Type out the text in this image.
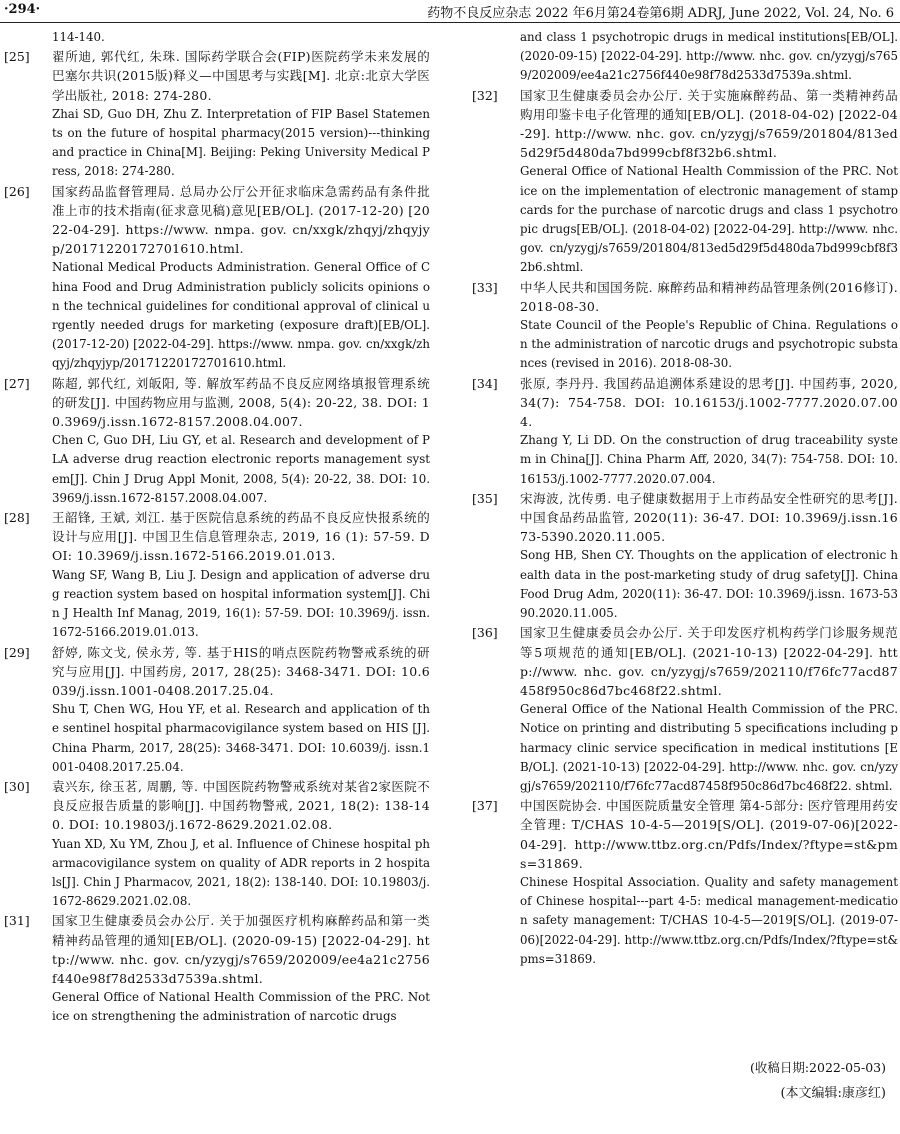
·294·	药物不良反应杂志 2022 年6月第24卷第6期 ADRJ, June 2022, Vol. 24, No. 6

114-140.

[25] 翟所迪, 郭代红, 朱珠. 国际药学联合会(FIP)医院药学未来发展的巴塞尔共识(2015版)释义—中国思考与实践[M]. 北京:北京大学医学出版社, 2018: 274-280.

Zhai SD, Guo DH, Zhu Z. Interpretation of FIP Basel Statements on the future of hospital pharmacy(2015 version)---thinking and practice in China[M]. Beijing: Peking University Medical Press, 2018: 274-280.

[26] 国家药品监督管理局. 总局办公厅公开征求临床急需药品有条件批准上市的技术指南(征求意见稿)意见[EB/OL]. (2017-12-20) [2022-04-29]. https://www. nmpa. gov. cn/xxgk/zhqyj/zhqyjyp/20171220172701610.html.

National Medical Products Administration. General Office of China Food and Drug Administration publicly solicits opinions on the technical guidelines for conditional approval of clinical urgently needed drugs for marketing (exposure draft)[EB/OL]. (2017-12-20) [2022-04-29]. https://www. nmpa. gov. cn/xxgk/zhqyj/zhqyjyp/20171220172701610.html.

[27] 陈超, 郭代红, 刘皈阳, 等. 解放军药品不良反应网络填报管理系统的研发[J]. 中国药物应用与监测, 2008, 5(4): 20-22, 38. DOI: 10.3969/j.issn.1672-8157.2008.04.007.

Chen C, Guo DH, Liu GY, et al. Research and development of PLA adverse drug reaction electronic reports management system[J]. Chin J Drug Appl Monit, 2008, 5(4): 20-22, 38. DOI: 10.3969/j.issn.1672-8157.2008.04.007.

[28] 王韶锋, 王斌, 刘江. 基于医院信息系统的药品不良反应快报系统的设计与应用[J]. 中国卫生信息管理杂志, 2019, 16 (1): 57-59. DOI: 10.3969/j.issn.1672-5166.2019.01.013.

Wang SF, Wang B, Liu J. Design and application of adverse drug reaction system based on hospital information system[J]. Chin J Health Inf Manag, 2019, 16(1): 57-59. DOI: 10.3969/j. issn.1672-5166.2019.01.013.

[29] 舒婷, 陈文戈, 侯永芳, 等. 基于HIS的哨点医院药物警戒系统的研究与应用[J]. 中国药房, 2017, 28(25): 3468-3471. DOI: 10.6039/j.issn.1001-0408.2017.25.04.

Shu T, Chen WG, Hou YF, et al. Research and application of the sentinel hospital pharmacovigilance system based on HIS [J]. China Pharm, 2017, 28(25): 3468-3471. DOI: 10.6039/j. issn.1001-0408.2017.25.04.

[30] 袁兴东, 徐玉茗, 周鹏, 等. 中国医院药物警戒系统对某省2家医院不良反应报告质量的影响[J]. 中国药物警戒, 2021, 18(2): 138-140. DOI: 10.19803/j.1672-8629.2021.02.08.

Yuan XD, Xu YM, Zhou J, et al. Influence of Chinese hospital pharmacovigilance system on quality of ADR reports in 2 hospitals[J]. Chin J Pharmacov, 2021, 18(2): 138-140. DOI: 10.19803/j.1672-8629.2021.02.08.

[31] 国家卫生健康委员会办公厅. 关于加强医疗机构麻醉药品和第一类精神药品管理的通知[EB/OL]. (2020-09-15) [2022-04-29]. http://www. nhc. gov. cn/yzygj/s7659/202009/ee4a21c2756f440e98f78d2533d7539a.shtml.

General Office of National Health Commission of the PRC. Notice on strengthening the administration of narcotic drugs

and class 1 psychotropic drugs in medical institutions[EB/OL]. (2020-09-15) [2022-04-29]. http://www. nhc. gov. cn/yzygj/s7659/202009/ee4a21c2756f440e98f78d2533d7539a.shtml.

[32] 国家卫生健康委员会办公厅. 关于实施麻醉药品、第一类精神药品购用印鉴卡电子化管理的通知[EB/OL]. (2018-04-02) [2022-04-29]. http://www. nhc. gov. cn/yzygj/s7659/201804/813ed5d29f5d480da7bd999cbf8f32b6.shtml.

General Office of National Health Commission of the PRC. Notice on the implementation of electronic management of stamp cards for the purchase of narcotic drugs and class 1 psychotropic drugs[EB/OL]. (2018-04-02) [2022-04-29]. http://www. nhc. gov. cn/yzygj/s7659/201804/813ed5d29f5d480da7bd999cbf8f32b6.shtml.

[33] 中华人民共和国国务院. 麻醉药品和精神药品管理条例(2016修订). 2018-08-30.

State Council of the People's Republic of China. Regulations on the administration of narcotic drugs and psychotropic substances (revised in 2016). 2018-08-30.

[34] 张原, 李丹丹. 我国药品追溯体系建设的思考[J]. 中国药事, 2020, 34(7): 754-758. DOI: 10.16153/j.1002-7777.2020.07.004.

Zhang Y, Li DD. On the construction of drug traceability system in China[J]. China Pharm Aff, 2020, 34(7): 754-758. DOI: 10.16153/j.1002-7777.2020.07.004.

[35] 宋海波, 沈传勇. 电子健康数据用于上市药品安全性研究的思考[J]. 中国食品药品监管, 2020(11): 36-47. DOI: 10.3969/j.issn.1673-5390.2020.11.005.

Song HB, Shen CY. Thoughts on the application of electronic health data in the post-marketing study of drug safety[J]. China Food Drug Adm, 2020(11): 36-47. DOI: 10.3969/j.issn. 1673-5390.2020.11.005.

[36] 国家卫生健康委员会办公厅. 关于印发医疗机构药学门诊服务规范等5项规范的通知[EB/OL]. (2021-10-13) [2022-04-29]. http://www. nhc. gov. cn/yzygj/s7659/202110/f76fc77acd87458f950c86d7bc468f22.shtml.

General Office of the National Health Commission of the PRC. Notice on printing and distributing 5 specifications including pharmacy clinic service specification in medical institutions [EB/OL]. (2021-10-13) [2022-04-29]. http://www. nhc. gov. cn/yzygj/s7659/202110/f76fc77acd87458f950c86d7bc468f22. shtml.

[37] 中国医院协会. 中国医院质量安全管理 第4-5部分: 医疗管理用药安全管理: T/CHAS 10-4-5—2019[S/OL]. (2019-07-06)[2022-04-29]. http://www.ttbz.org.cn/Pdfs/Index/?ftype=st&pms=31869.

Chinese Hospital Association. Quality and safety management of Chinese hospital---part 4-5: medical management-medication safety management: T/CHAS 10-4-5—2019[S/OL]. (2019-07-06)[2022-04-29]. http://www.ttbz.org.cn/Pdfs/Index/?ftype=st&pms=31869.

(收稿日期:2022-05-03)
(本文编辑:康彦红)
